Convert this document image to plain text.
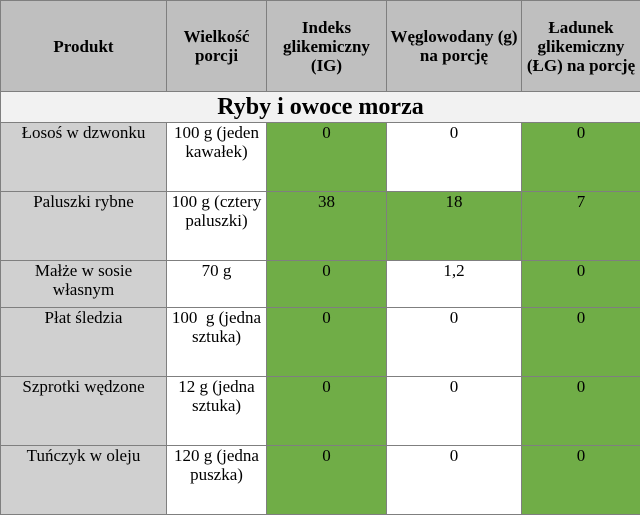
Produkt	Wielkość porcji	Indeks glikemiczny (IG)	Węglowodany (g) na porcję	Ładunek glikemiczny (ŁG) na porcję
Ryby i owoce morza				
Łosoś w dzwonku	100 g (jeden kawałek)	0	0	0
Paluszki rybne	100 g (cztery paluszki)	38	18	7
Małże w sosie własnym	70 g	0	1,2	0
Płat śledzia	100  g (jedna sztuka)	0	0	0
Szprotki wędzone	12 g (jedna sztuka)	0	0	0
Tuńczyk w oleju	120 g (jedna puszka)	0	0	0
